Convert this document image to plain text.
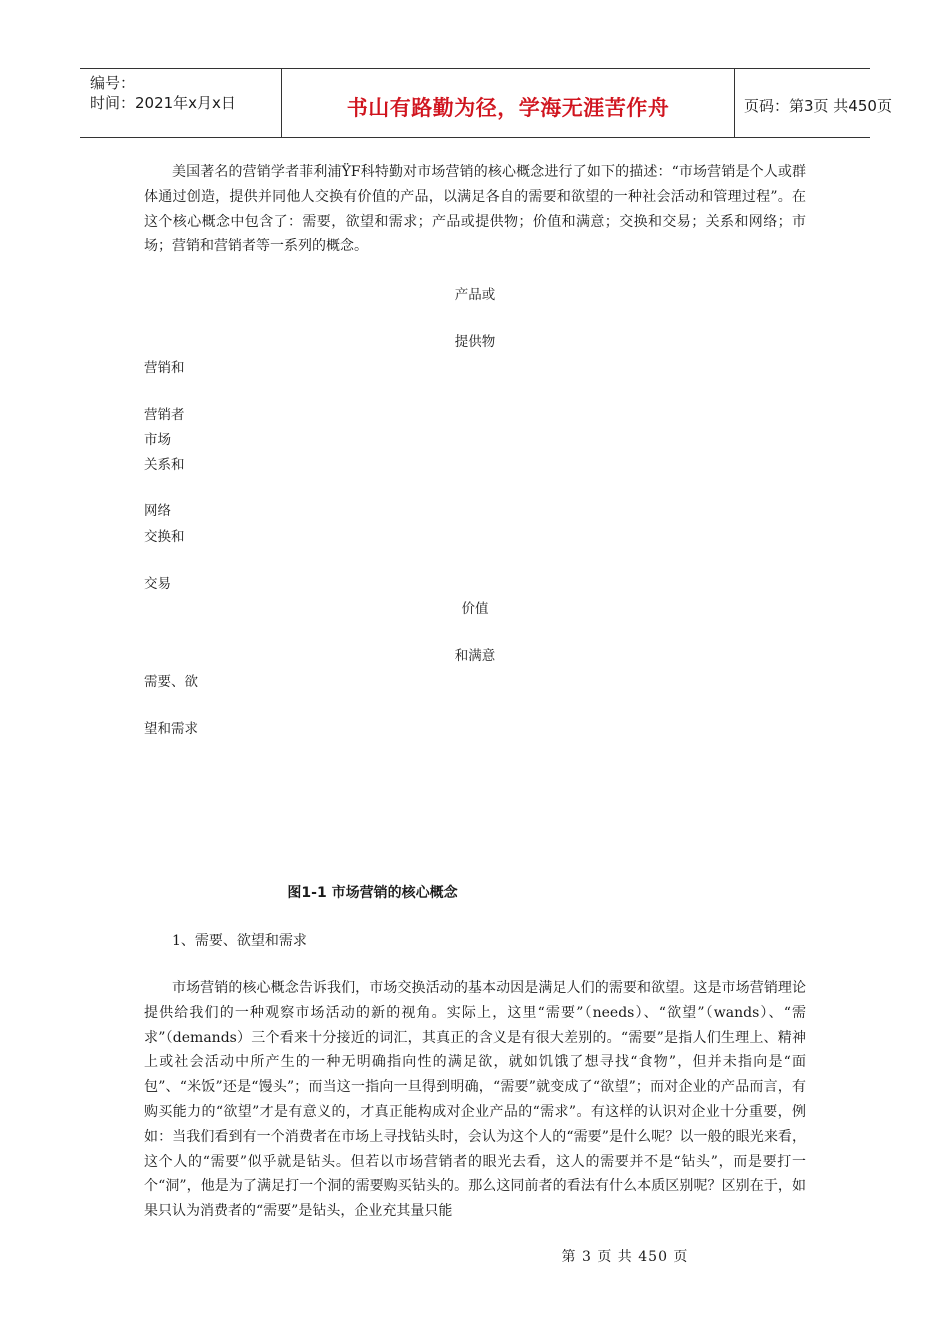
编号：
时间：2021年x月x日	书山有路勤为径，学海无涯苦作舟	页码：第3页 共450页

美国著名的营销学者菲利浦ŸF科特勤对市场营销的核心概念进行了如下的描述：“市场营销是个人或群体通过创造，提供并同他人交换有价值的产品，以满足各自的需要和欲望的一种社会活动和管理过程”。在这个核心概念中包含了：需要，欲望和需求；产品或提供物；价值和满意；交换和交易；关系和网络；市场；营销和营销者等一系列的概念。

产品或
提供物
营销和
营销者
市场
关系和
网络
交换和
交易
价值
和满意
需要、欲
望和需求
图1-1 市场营销的核心概念
1、需要、欲望和需求

市场营销的核心概念告诉我们，市场交换活动的基本动因是满足人们的需要和欲望。这是市场营销理论提供给我们的一种观察市场活动的新的视角。实际上，这里“需要”（needs）、“欲望”（wands）、“需求”（demands）三个看来十分接近的词汇，其真正的含义是有很大差别的。“需要”是指人们生理上、精神上或社会活动中所产生的一种无明确指向性的满足欲，就如饥饿了想寻找“食物”，但并未指向是“面包”、“米饭”还是“馒头”；而当这一指向一旦得到明确，“需要”就变成了“欲望”；而对企业的产品而言，有购买能力的“欲望”才是有意义的，才真正能构成对企业产品的“需求”。有这样的认识对企业十分重要，例如：当我们看到有一个消费者在市场上寻找钻头时，会认为这个人的“需要”是什么呢？以一般的眼光来看，这个人的“需要”似乎就是钻头。但若以市场营销者的眼光去看，这人的需要并不是“钻头”，而是要打一个“洞”，他是为了满足打一个洞的需要购买钻头的。那么这同前者的看法有什么本质区别呢？区别在于，如果只认为消费者的“需要”是钻头，企业充其量只能

第 3 页 共 450 页
